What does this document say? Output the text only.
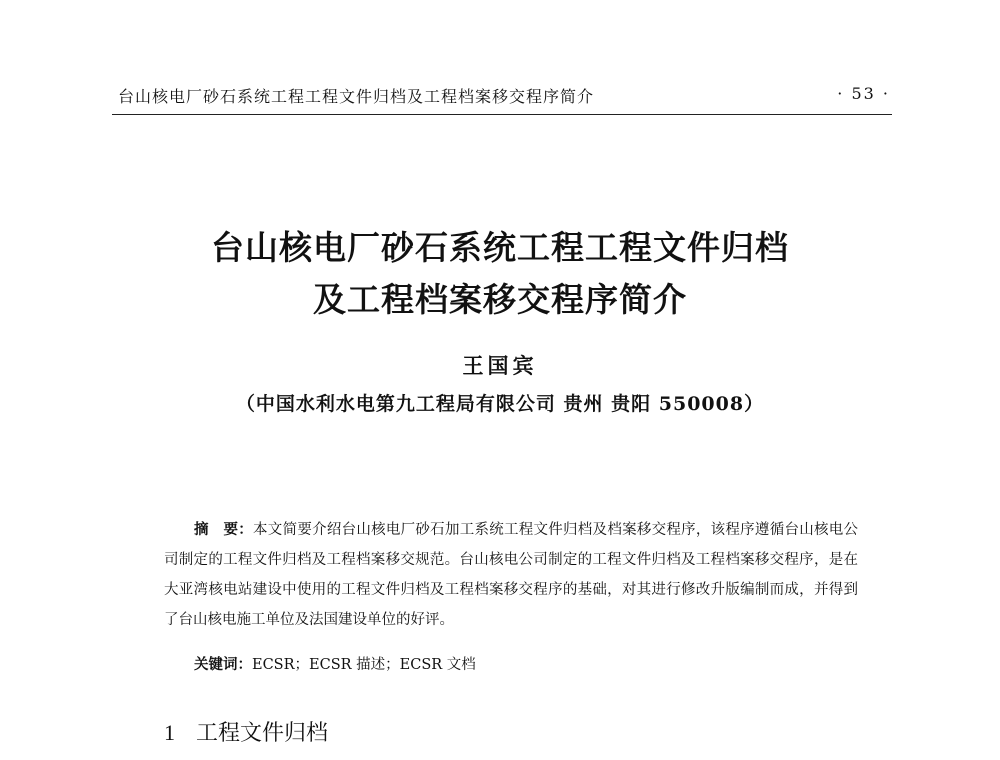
台山核电厂砂石系统工程工程文件归档及工程档案移交程序简介	· 53 ·
台山核电厂砂石系统工程工程文件归档
及工程档案移交程序简介
王国宾
（中国水利水电第九工程局有限公司 贵州 贵阳 550008）

摘　要：本文简要介绍台山核电厂砂石加工系统工程文件归档及档案移交程序，该程序遵循台山核电公司制定的工程文件归档及工程档案移交规范。台山核电公司制定的工程文件归档及工程档案移交程序，是在大亚湾核电站建设中使用的工程文件归档及工程档案移交程序的基础，对其进行修改升版编制而成，并得到了台山核电施工单位及法国建设单位的好评。

关键词：ECSR；ECSR 描述；ECSR 文档
1 工程文件归档
